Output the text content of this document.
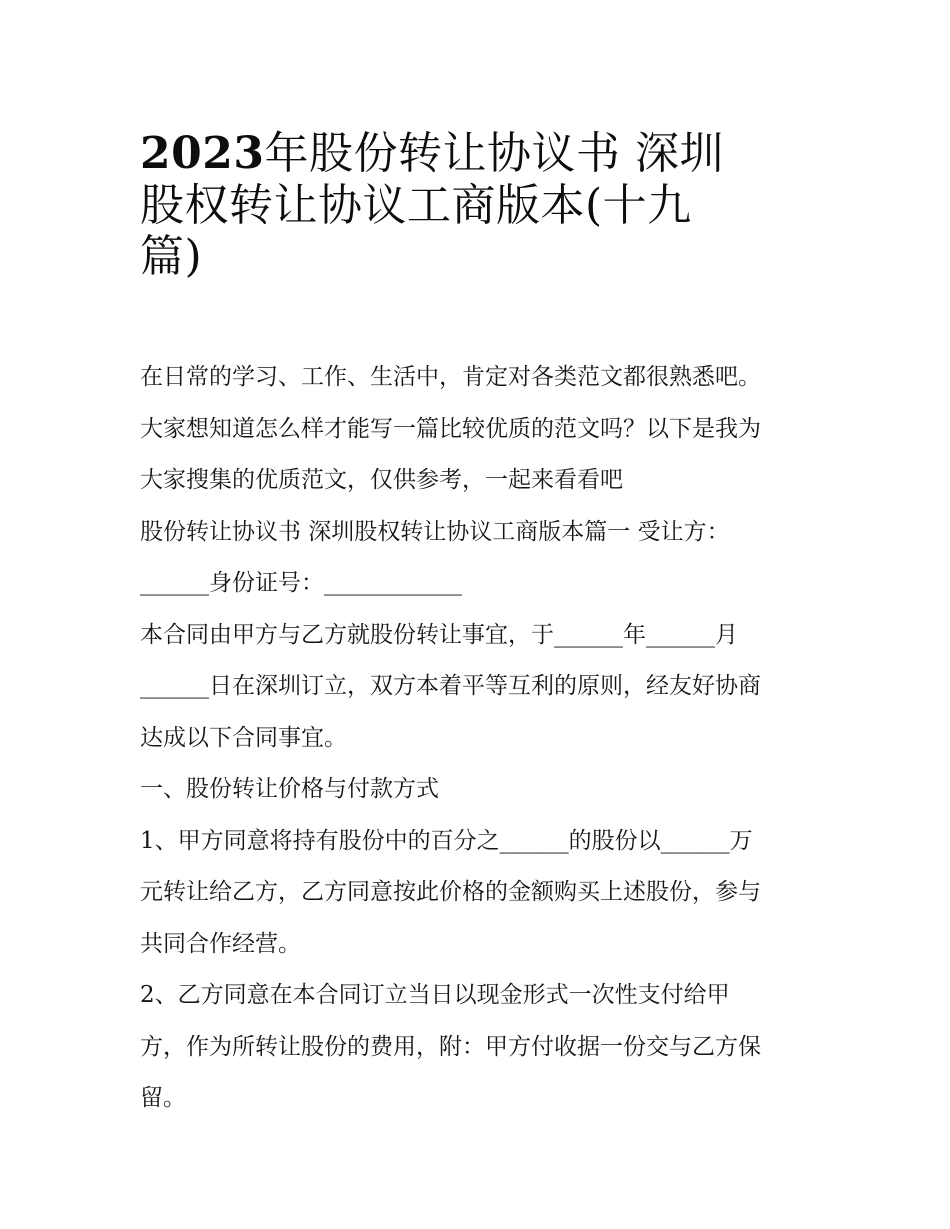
2023年股份转让协议书 深圳
股权转让协议工商版本(十九
篇)
在日常的学习、工作、生活中，肯定对各类范文都很熟悉吧。
大家想知道怎么样才能写一篇比较优质的范文吗？以下是我为
大家搜集的优质范文，仅供参考，一起来看看吧
股份转让协议书 深圳股权转让协议工商版本篇一 受让方：
______身份证号：____________
本合同由甲方与乙方就股份转让事宜，于______年______月
______日在深圳订立，双方本着平等互利的原则，经友好协商
达成以下合同事宜。
一、股份转让价格与付款方式
1、甲方同意将持有股份中的百分之______的股份以______万
元转让给乙方，乙方同意按此价格的金额购买上述股份，参与
共同合作经营。
2、乙方同意在本合同订立当日以现金形式一次性支付给甲
方，作为所转让股份的费用，附：甲方付收据一份交与乙方保
留。
